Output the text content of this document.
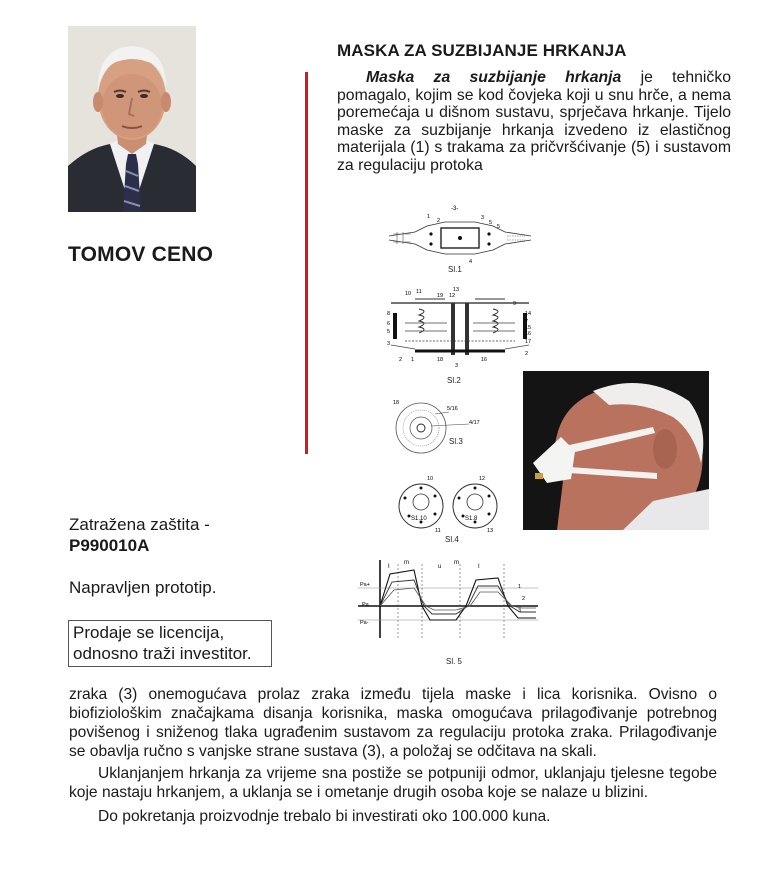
TOMOV CENO
Zatražena zaštita -
P990010A
Napravljen prototip.
Prodaje se licencija,
odnosno traži investitor.
MASKA ZA SUZBIJANJE HRKANJA

Maska za suzbijanje hrkanja je tehničko pomagalo, kojim se kod čovjeka koji u snu hrče, a nema poremećaja u dišnom sustavu, sprječava hrkanje. Tijelo maske za suzbijanje hrkanja izvedeno iz elastičnog materijala (1) s trakama za pričvršćivanje (5) i sustavom za regulaciju protoka

-3-
1
2	3
4
5
5
Sl.1
10 11
19
13
12
9
8
6
5
14
7
15
16
17
3
2 1	18	16
2
3
Sl.2
18
5/16
4/17
Sl.3
10	12
11	13
S1.10	S1.8
Sl.4
Pa+
Pa
Pa-
I
m
u
m
I
1
2
3
Sl. 5

zraka (3) onemogućava prolaz zraka između tijela maske i lica korisnika. Ovisno o biofiziološkim značajkama disanja korisnika, maska omogućava prilagođivanje potrebnog povišenog i sniženog tlaka ugrađenim sustavom za regulaciju protoka zraka. Prilagođivanje se obavlja ručno s vanjske strane sustava (3), a položaj se odčitava na skali.

Uklanjanjem hrkanja za vrijeme sna postiže se potpuniji odmor, uklanjaju tjelesne tegobe koje nastaju hrkanjem, a uklanja se i ometanje drugih osoba koje se nalaze u blizini.

Do pokretanja proizvodnje trebalo bi investirati oko 100.000 kuna.
